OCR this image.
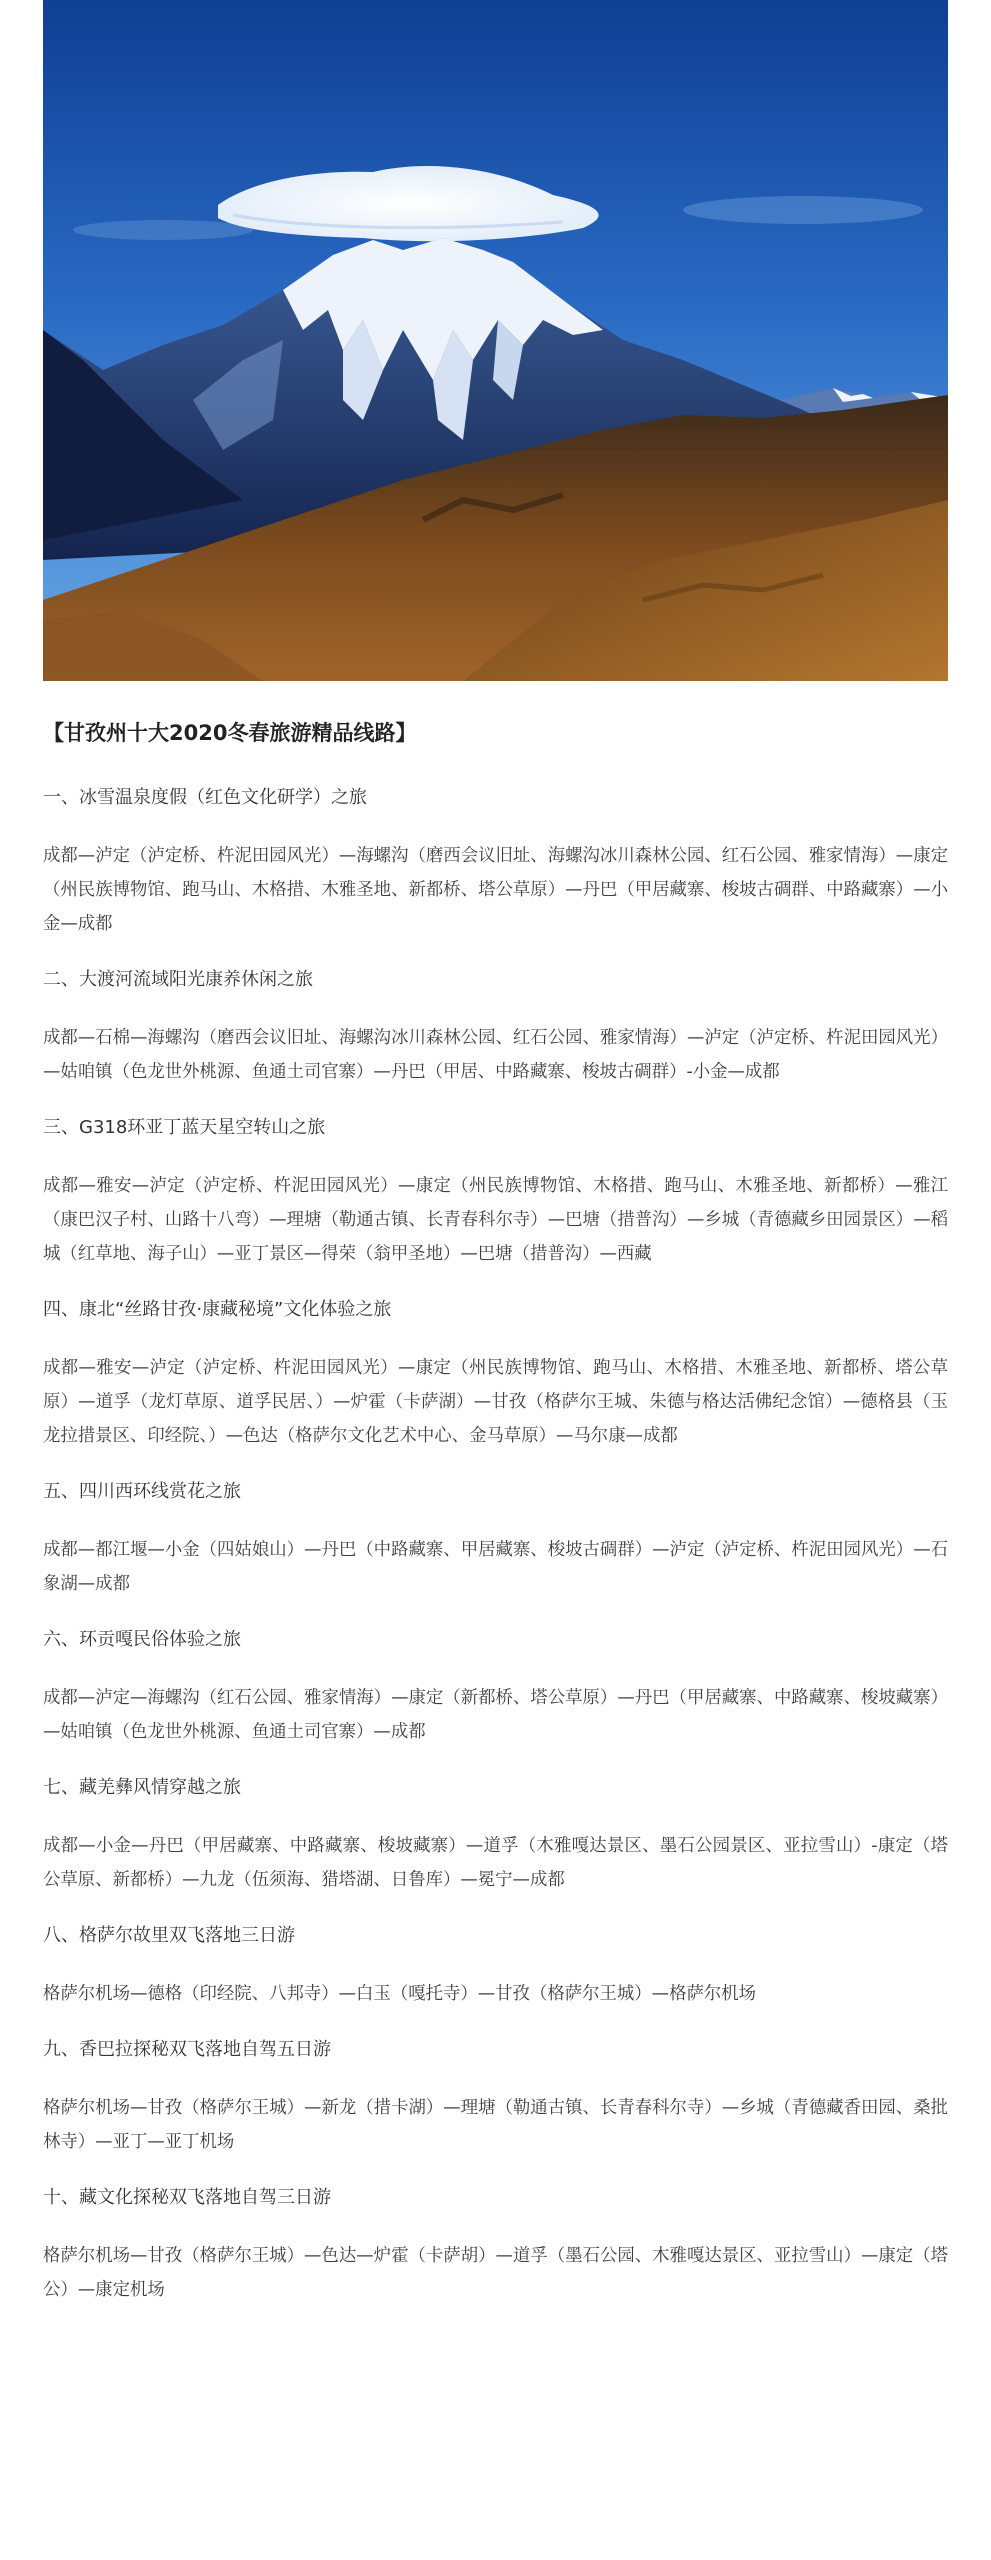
【甘孜州十大2020冬春旅游精品线路】
一、冰雪温泉度假（红色文化研学）之旅

成都—泸定（泸定桥、杵泥田园风光）—海螺沟（磨西会议旧址、海螺沟冰川森林公园、红石公园、雅家情海）—康定（州民族博物馆、跑马山、木格措、木雅圣地、新都桥、塔公草原）—丹巴（甲居藏寨、梭坡古碉群、中路藏寨）—小金—成都

二、大渡河流域阳光康养休闲之旅

成都—石棉—海螺沟（磨西会议旧址、海螺沟冰川森林公园、红石公园、雅家情海）—泸定（泸定桥、杵泥田园风光）—姑咱镇（色龙世外桃源、鱼通土司官寨）—丹巴（甲居、中路藏寨、梭坡古碉群）-小金—成都

三、G318环亚丁蓝天星空转山之旅

成都—雅安—泸定（泸定桥、杵泥田园风光）—康定（州民族博物馆、木格措、跑马山、木雅圣地、新都桥）—雅江（康巴汉子村、山路十八弯）—理塘（勒通古镇、长青春科尔寺）—巴塘（措普沟）—乡城（青德藏乡田园景区）—稻城（红草地、海子山）—亚丁景区—得荣（翁甲圣地）—巴塘（措普沟）—西藏

四、康北“丝路甘孜·康藏秘境”文化体验之旅

成都—雅安—泸定（泸定桥、杵泥田园风光）—康定（州民族博物馆、跑马山、木格措、木雅圣地、新都桥、塔公草原）—道孚（龙灯草原、道孚民居、）—炉霍（卡萨湖）—甘孜（格萨尔王城、朱德与格达活佛纪念馆）—德格县（玉龙拉措景区、印经院、）—色达（格萨尔文化艺术中心、金马草原）—马尔康—成都

五、四川西环线赏花之旅

成都—都江堰—小金（四姑娘山）—丹巴（中路藏寨、甲居藏寨、梭坡古碉群）—泸定（泸定桥、杵泥田园风光）—石象湖—成都

六、环贡嘎民俗体验之旅

成都—泸定—海螺沟（红石公园、雅家情海）—康定（新都桥、塔公草原）—丹巴（甲居藏寨、中路藏寨、梭坡藏寨）—姑咱镇（色龙世外桃源、鱼通土司官寨）—成都

七、藏羌彝风情穿越之旅

成都—小金—丹巴（甲居藏寨、中路藏寨、梭坡藏寨）—道孚（木雅嘎达景区、墨石公园景区、亚拉雪山）-康定（塔公草原、新都桥）—九龙（伍须海、猎塔湖、日鲁库）—冕宁—成都

八、格萨尔故里双飞落地三日游

格萨尔机场—德格（印经院、八邦寺）—白玉（嘎托寺）—甘孜（格萨尔王城）—格萨尔机场

九、香巴拉探秘双飞落地自驾五日游

格萨尔机场—甘孜（格萨尔王城）—新龙（措卡湖）—理塘（勒通古镇、长青春科尔寺）—乡城（青德藏香田园、桑批林寺）—亚丁—亚丁机场

十、藏文化探秘双飞落地自驾三日游

格萨尔机场—甘孜（格萨尔王城）—色达—炉霍（卡萨胡）—道孚（墨石公园、木雅嘎达景区、亚拉雪山）—康定（塔公）—康定机场
